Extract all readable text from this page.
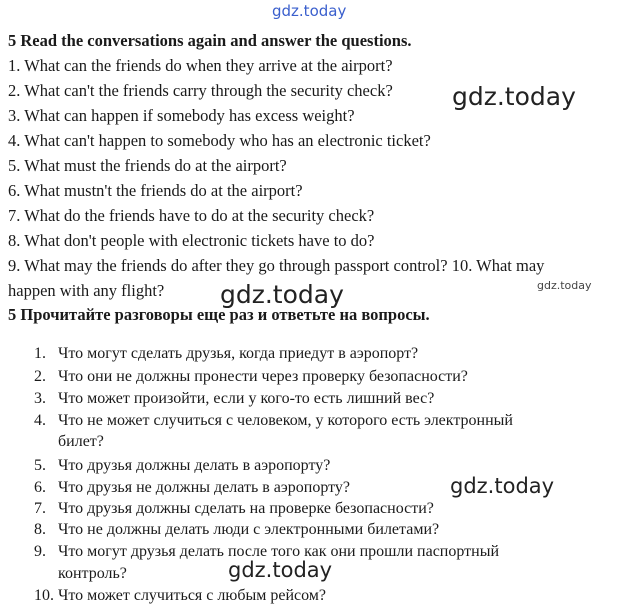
gdz.today
5 Read the conversations again and answer the questions.
1. What can the friends do when they arrive at the airport?
2. What can't the friends carry through the security check?
3. What can happen if somebody has excess weight?
4. What can't happen to somebody who has an electronic ticket?
5. What must the friends do at the airport?
6. What mustn't the friends do at the airport?
7. What do the friends have to do at the security check?
8. What don't people with electronic tickets have to do?
9. What may the friends do after they go through passport control? 10. What may
happen with any flight?
gdz.today
gdz.today	gdz.today
5 Прочитайте разговоры еще раз и ответьте на вопросы.
1. Что могут сделать друзья, когда приедут в аэропорт?
2. Что они не должны пронести через проверку безопасности?
3. Что может произойти, если у кого-то есть лишний вес?
4. Что не может случиться с человеком, у которого есть электронный
билет?
5. Что друзья должны делать в аэропорту?
6. Что друзья не должны делать в аэропорту?
7. Что друзья должны сделать на проверке безопасности?
8. Что не должны делать люди с электронными билетами?
9. Что могут друзья делать после того как они прошли паспортный
контроль?
10. Что может случиться с любым рейсом?
gdz.today
gdz.today
